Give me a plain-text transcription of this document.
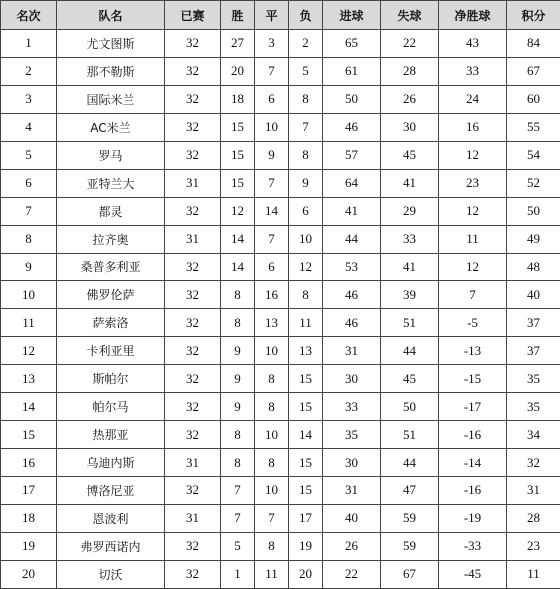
名次	队名	已赛	胜	平	负	进球	失球	净胜球	积分
1	尤文图斯	32	27	3	2	65	22	43	84
2	那不勒斯	32	20	7	5	61	28	33	67
3	国际米兰	32	18	6	8	50	26	24	60
4	AC米兰	32	15	10	7	46	30	16	55
5	罗马	32	15	9	8	57	45	12	54
6	亚特兰大	31	15	7	9	64	41	23	52
7	都灵	32	12	14	6	41	29	12	50
8	拉齐奥	31	14	7	10	44	33	11	49
9	桑普多利亚	32	14	6	12	53	41	12	48
10	佛罗伦萨	32	8	16	8	46	39	7	40
11	萨索洛	32	8	13	11	46	51	-5	37
12	卡利亚里	32	9	10	13	31	44	-13	37
13	斯帕尔	32	9	8	15	30	45	-15	35
14	帕尔马	32	9	8	15	33	50	-17	35
15	热那亚	32	8	10	14	35	51	-16	34
16	乌迪内斯	31	8	8	15	30	44	-14	32
17	博洛尼亚	32	7	10	15	31	47	-16	31
18	恩波利	31	7	7	17	40	59	-19	28
19	弗罗西诺内	32	5	8	19	26	59	-33	23
20	切沃	32	1	11	20	22	67	-45	11
